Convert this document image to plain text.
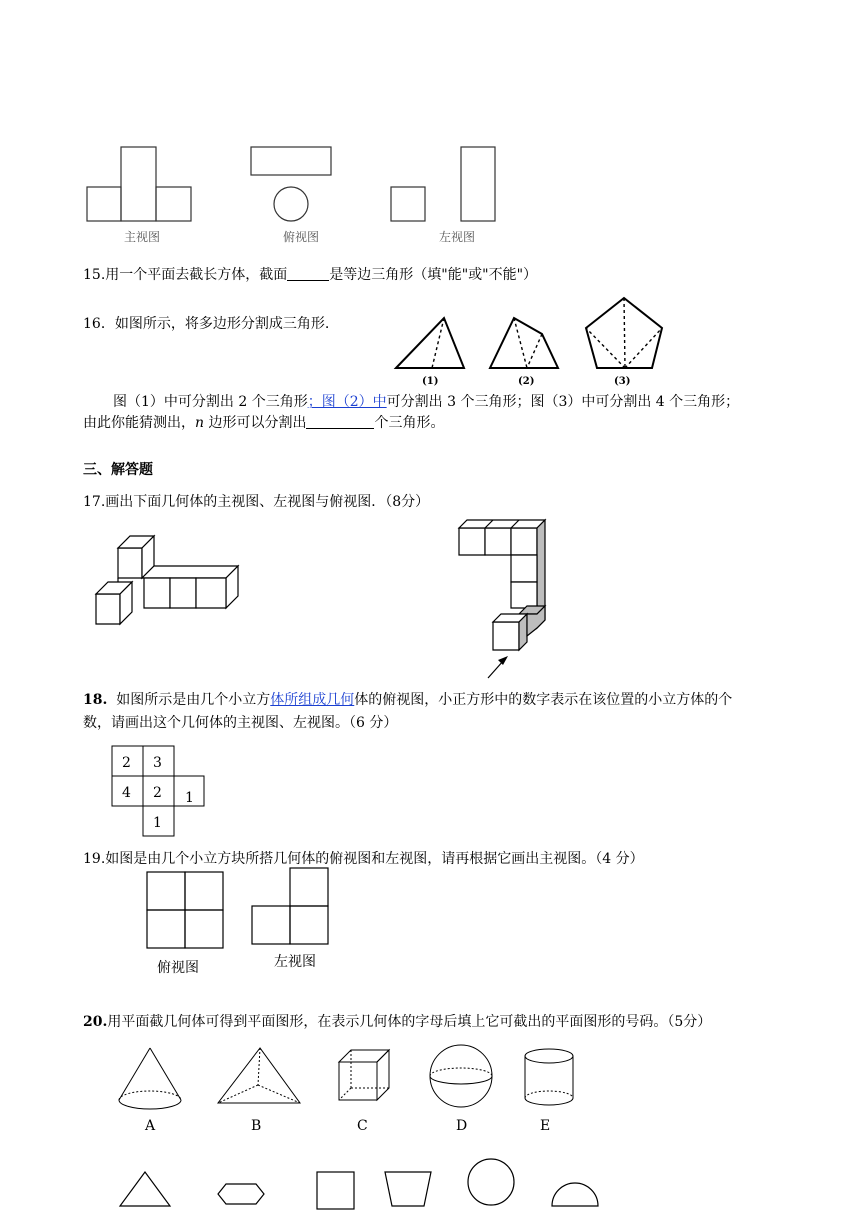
主视图	俯视图	左视图
15.用一个平面去截长方体，截面	是等边三角形（填"能"或"不能"）
16．如图所示，将多边形分割成三角形.
(1)	(2)	(3)
图（1）中可分割出 2 个三角形；图（2）中可分割出 3 个三角形；图（3）中可分割出 4 个三角形；
由此你能猜测出，n 边形可以分割出	个三角形。
三、解答题
17.画出下面几何体的主视图、左视图与俯视图．（8分）
18. 如图所示是由几个小立方体所组成几何体的俯视图，小正方形中的数字表示在该位置的小立方体的个
数，请画出这个几何体的主视图、左视图。（6 分）
2 3
4 2 1
1
19.如图是由几个小立方块所搭几何体的俯视图和左视图，请再根据它画出主视图。（4 分）
俯视图	左视图
20.用平面截几何体可得到平面图形，在表示几何体的字母后填上它可截出的平面图形的号码。（5分）
A	B	C	D	E
